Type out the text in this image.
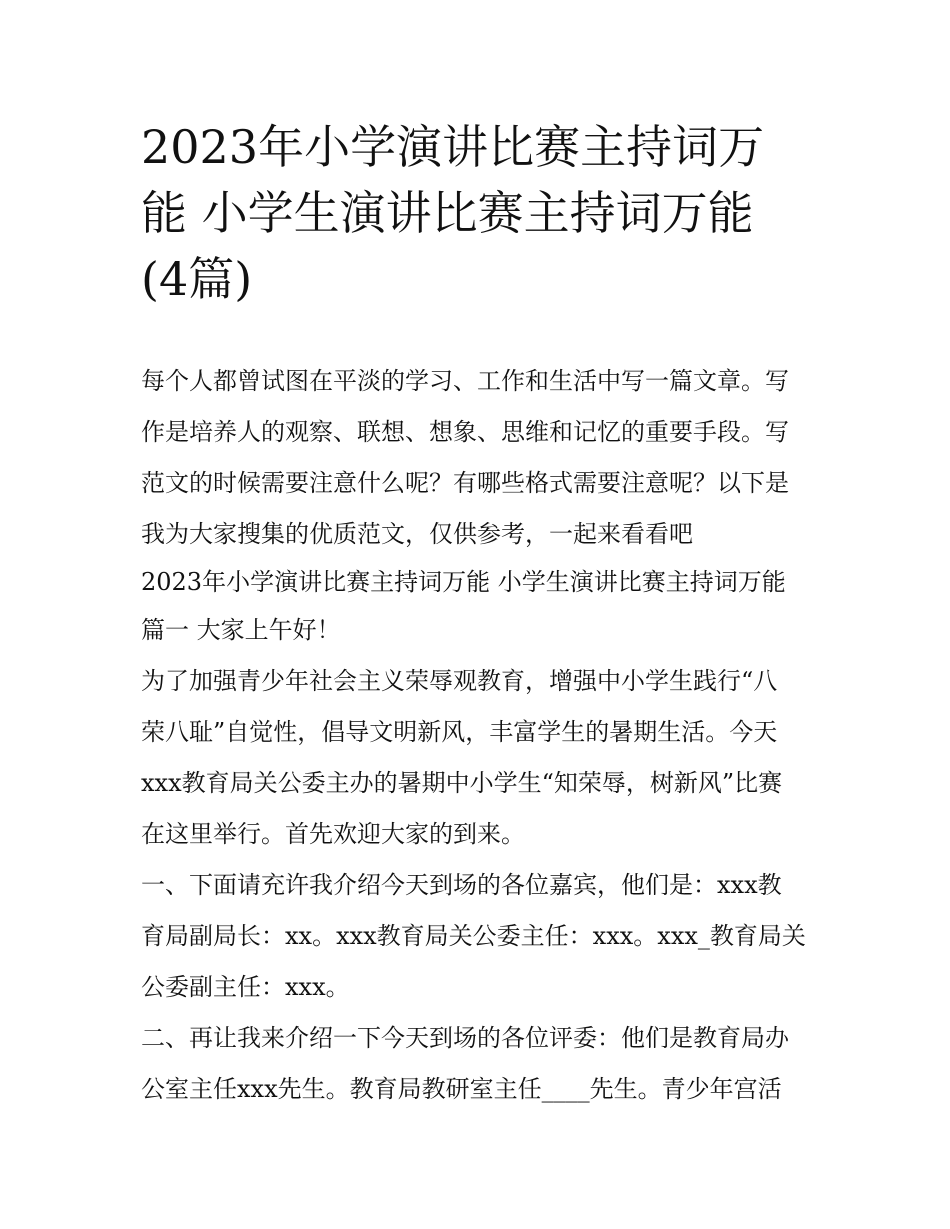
2023年小学演讲比赛主持词万
能 小学生演讲比赛主持词万能
(4篇)
每个人都曾试图在平淡的学习、工作和生活中写一篇文章。写
作是培养人的观察、联想、想象、思维和记忆的重要手段。写
范文的时候需要注意什么呢？有哪些格式需要注意呢？以下是
我为大家搜集的优质范文，仅供参考，一起来看看吧
2023年小学演讲比赛主持词万能 小学生演讲比赛主持词万能
篇一 大家上午好！
为了加强青少年社会主义荣辱观教育，增强中小学生践行“八
荣八耻”自觉性，倡导文明新风，丰富学生的暑期生活。今天
xxx教育局关公委主办的暑期中小学生“知荣辱，树新风”比赛
在这里举行。首先欢迎大家的到来。
一、下面请充许我介绍今天到场的各位嘉宾，他们是：xxx教
育局副局长：xx。xxx教育局关公委主任：xxx。xxx_教育局关
公委副主任：xxx。
二、再让我来介绍一下今天到场的各位评委：他们是教育局办
公室主任xxx先生。教育局教研室主任____先生。青少年宫活
